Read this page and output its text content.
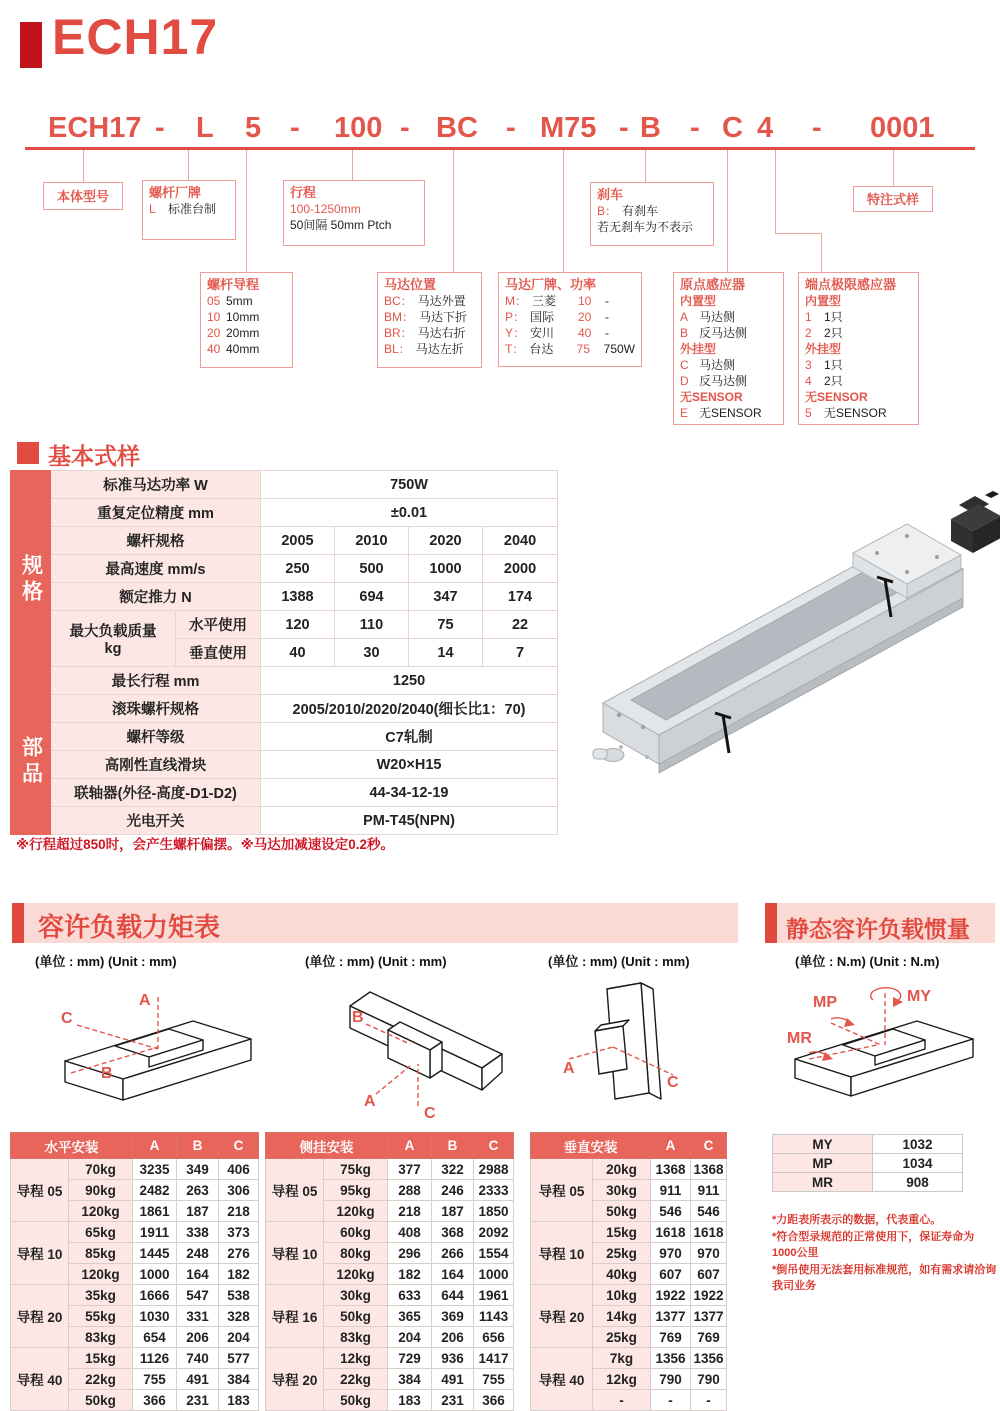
ECH17
ECH17 - L 5 - 100 - BC - M75 - B - C 4 - 0001
本体型号	螺杆厂牌
L	标准台制
行程
100-1250mm
50间隔 50mm Ptch
刹车
B： 有刹车
若无刹车为不表示
特注式样
螺杆导程
05 5mm
10 10mm
20 20mm
40 40mm
马达位置
BC： 马达外置
BM： 马达下折
BR： 马达右折
BL： 马达左折
马达厂牌、功率
M： 三菱	10	-
P： 国际	20	-
Y： 安川	40	-
T： 台达	75	750W
原点感应器
内置型
A 马达侧
B 反马达侧
外挂型
C 马达侧
D 反马达侧
无SENSOR
E 无SENSOR
端点极限感应器
内置型
1	1只
2	2只
外挂型
3	1只
4	2只
无SENSOR
5	无SENSOR
基本式样
规格	标准马达功率 W		750W			
	重复定位精度 mm		±0.01			
	螺杆规格		2005	2010	2020	2040
	最高速度 mm/s		250	500	1000	2000
	额定推力 N		1388	694	347	174

	最大负载质量
kg	水平使用	120	110	75	22
		垂直使用	40	30	14	7
	最长行程 mm		1250			
部品	滚珠螺杆规格		2005/2010/2020/2040(细长比1：70)			
	螺杆等级		C7轧制			
	高刚性直线滑块		W20×H15			
	联轴器(外径-高度-D1-D2)		44-34-12-19			
	光电开关		PM-T45(NPN)			
※行程超过850时，会产生螺杆偏摆。※马达加减速设定0.2秒。
容许负载力矩表	静态容许负载惯量
(单位 : mm) (Unit : mm)	(单位 : mm) (Unit : mm)	(单位 : mm) (Unit : mm)	(单位 : N.m) (Unit : N.m)
A
C
B
B
A
C
A
C
MP	MY
MR
水平安装		A	B	C
导程 05	70kg	3235	349	406
	90kg	2482	263	306
	120kg	1861	187	218
导程 10	65kg	1911	338	373
	85kg	1445	248	276
	120kg	1000	164	182
导程 20	35kg	1666	547	538
	55kg	1030	331	328
	83kg	654	206	204
导程 40	15kg	1126	740	577
	22kg	755	491	384
	50kg	366	231	183
侧挂安装		A	B	C
导程 05	75kg	377	322	2988
	95kg	288	246	2333
	120kg	218	187	1850
导程 10	60kg	408	368	2092
	80kg	296	266	1554
	120kg	182	164	1000
导程 16	30kg	633	644	1961
	50kg	365	369	1143
	83kg	204	206	656
导程 20	12kg	729	936	1417
	22kg	384	491	755
	50kg	183	231	366
垂直安装		A	C
导程 05	20kg	1368	1368
	30kg	911	911
	50kg	546	546
导程 10	15kg	1618	1618
	25kg	970	970
	40kg	607	607
导程 20	10kg	1922	1922
	14kg	1377	1377
	25kg	769	769
导程 40	7kg	1356	1356
	12kg	790	790
	-	-	-
MY	1032
MP	1034
MR	908
*力距表所表示的数据，代表重心。
*符合型录规范的正常使用下，保证寿命为1000公里
*倒吊使用无法套用标准规范，如有需求请洽询我司业务
